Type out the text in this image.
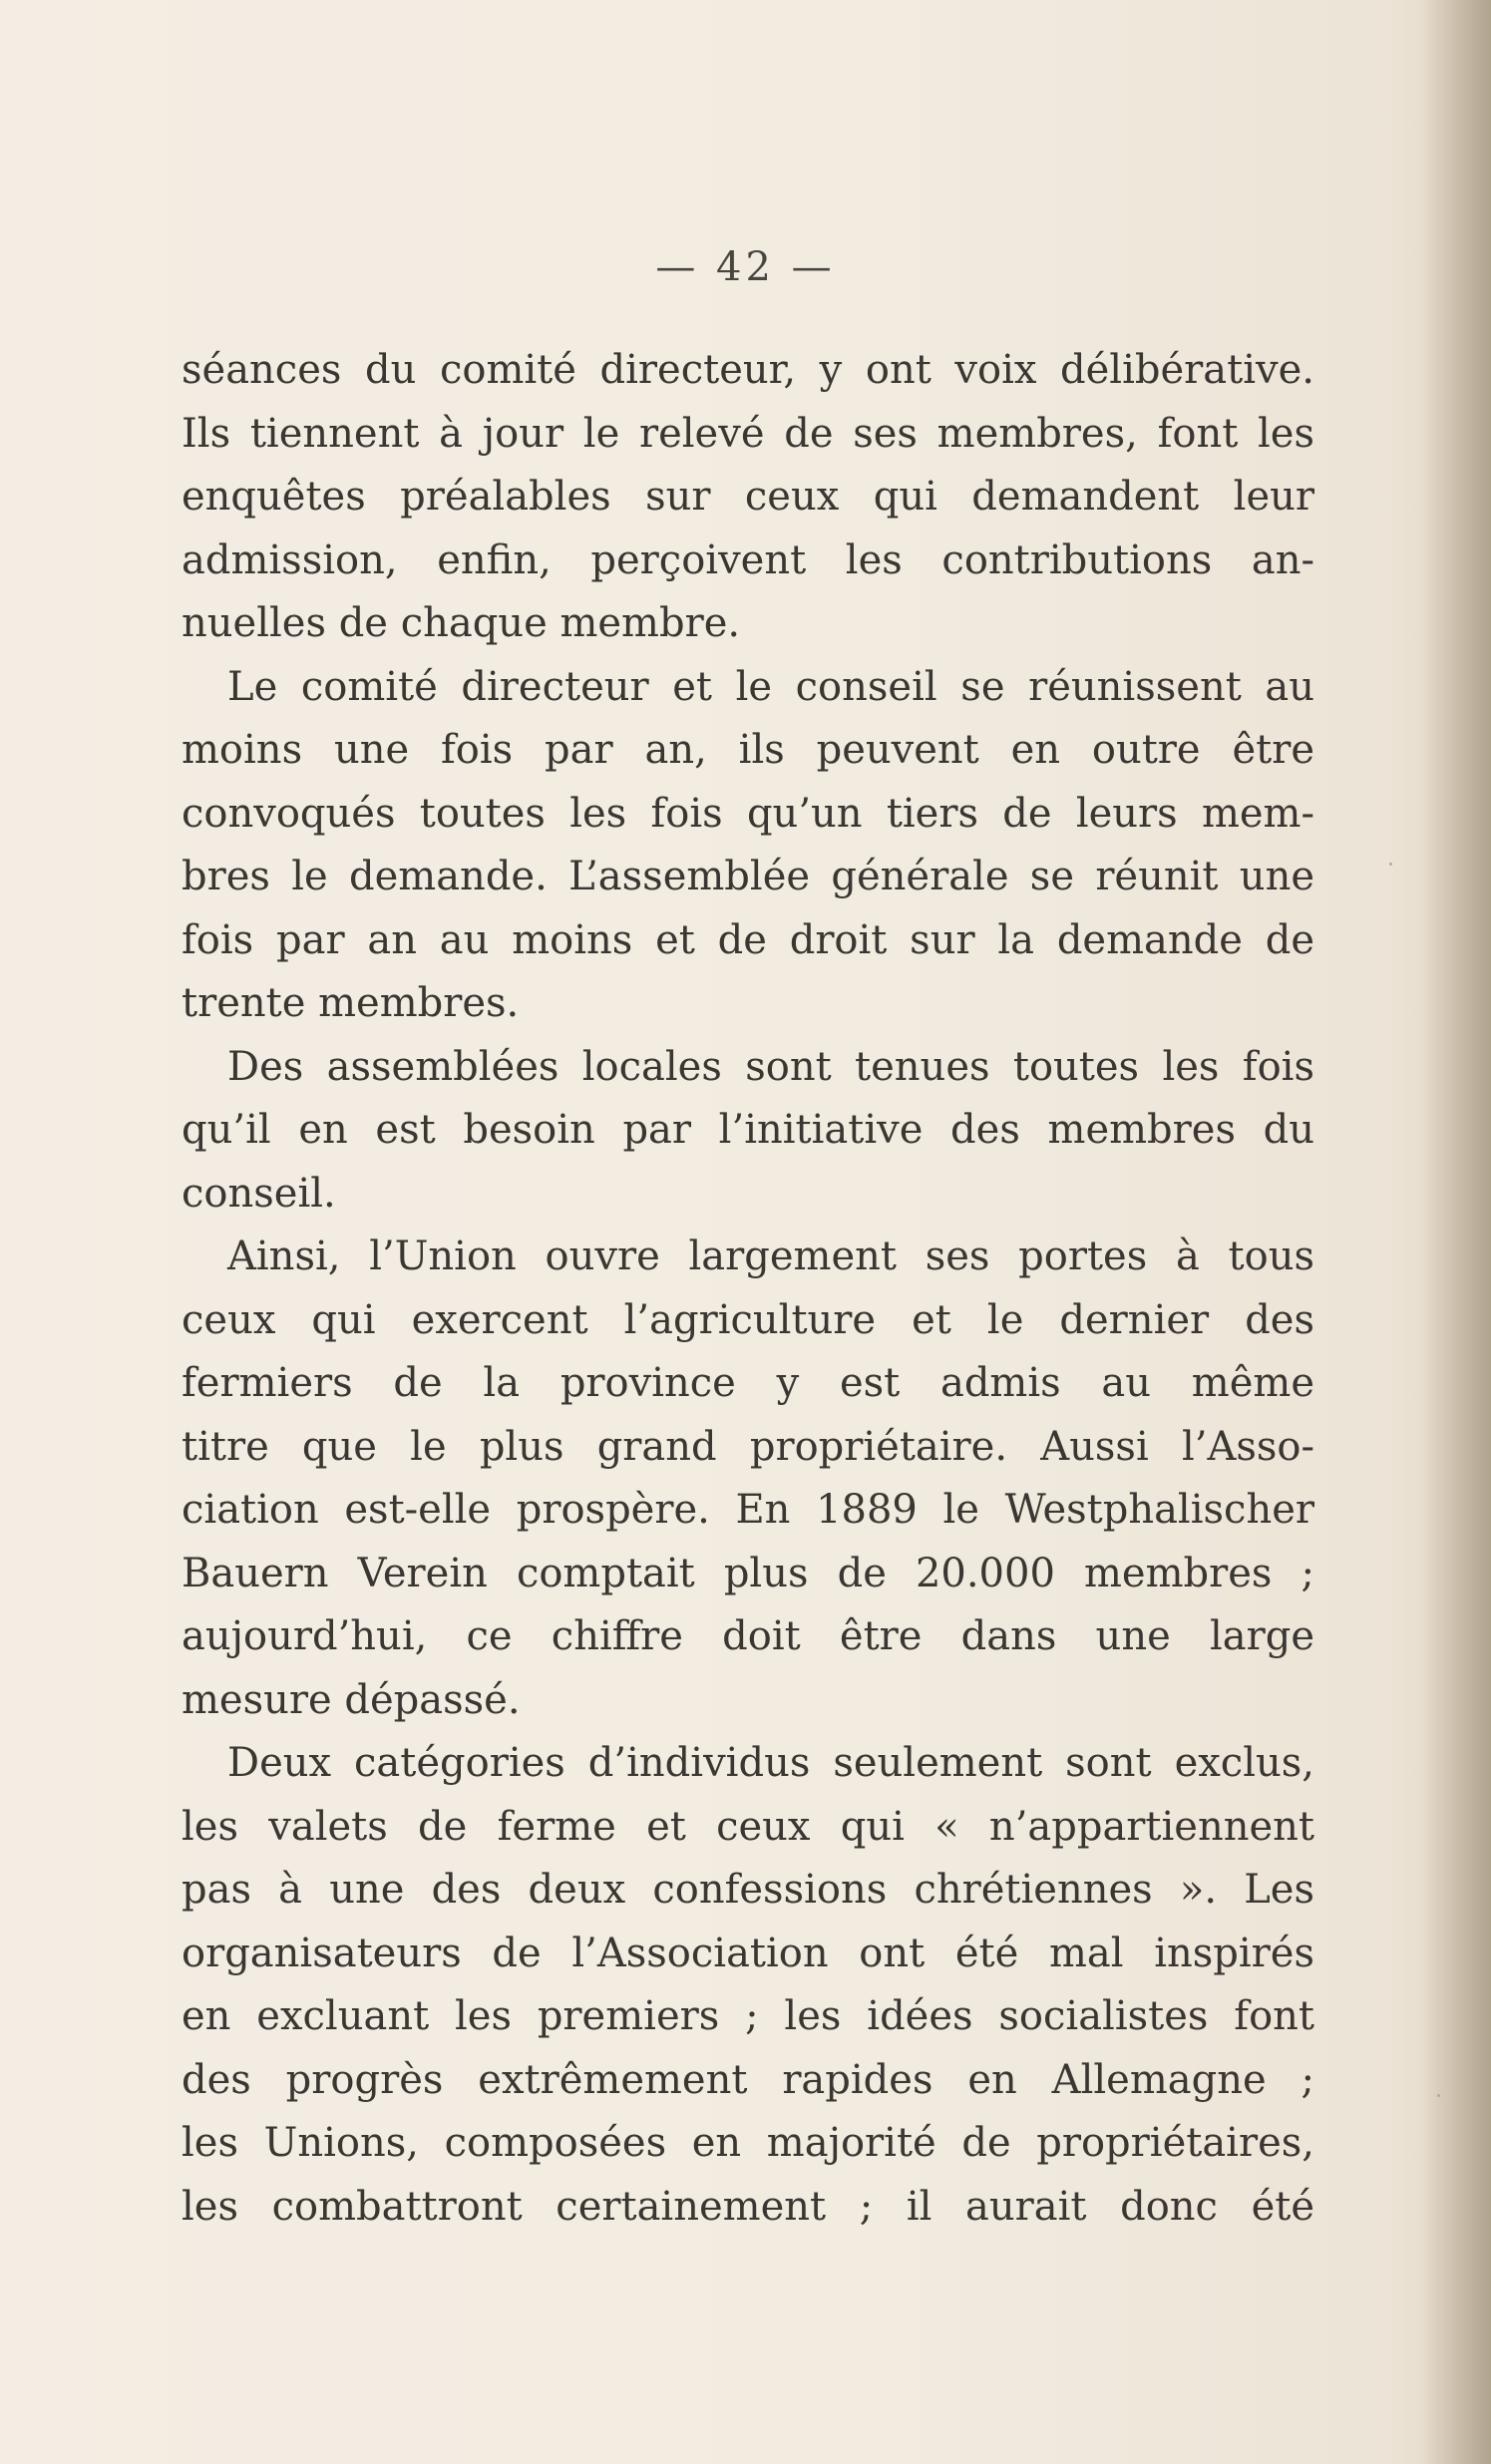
— 42 —
séances du comité directeur, y ont voix délibérative.
Ils tiennent à jour le relevé de ses membres, font les
enquêtes préalables sur ceux qui demandent leur
admission, enfin, perçoivent les contributions an-
nuelles de chaque membre.
Le comité directeur et le conseil se réunissent au
moins une fois par an, ils peuvent en outre être
convoqués toutes les fois qu’un tiers de leurs mem-
bres le demande. L’assemblée générale se réunit une
fois par an au moins et de droit sur la demande de
trente membres.
Des assemblées locales sont tenues toutes les fois
qu’il en est besoin par l’initiative des membres du
conseil.
Ainsi, l’Union ouvre largement ses portes à tous
ceux qui exercent l’agriculture et le dernier des
fermiers de la province y est admis au même
titre que le plus grand propriétaire. Aussi l’Asso-
ciation est-elle prospère. En 1889 le Westphalischer
Bauern Verein comptait plus de 20.000 membres ;
aujourd’hui, ce chiffre doit être dans une large
mesure dépassé.
Deux catégories d’individus seulement sont exclus,
les valets de ferme et ceux qui « n’appartiennent
pas à une des deux confessions chrétiennes ». Les
organisateurs de l’Association ont été mal inspirés
en excluant les premiers ; les idées socialistes font
des progrès extrêmement rapides en Allemagne ;
les Unions, composées en majorité de propriétaires,
les combattront certainement ; il aurait donc été
